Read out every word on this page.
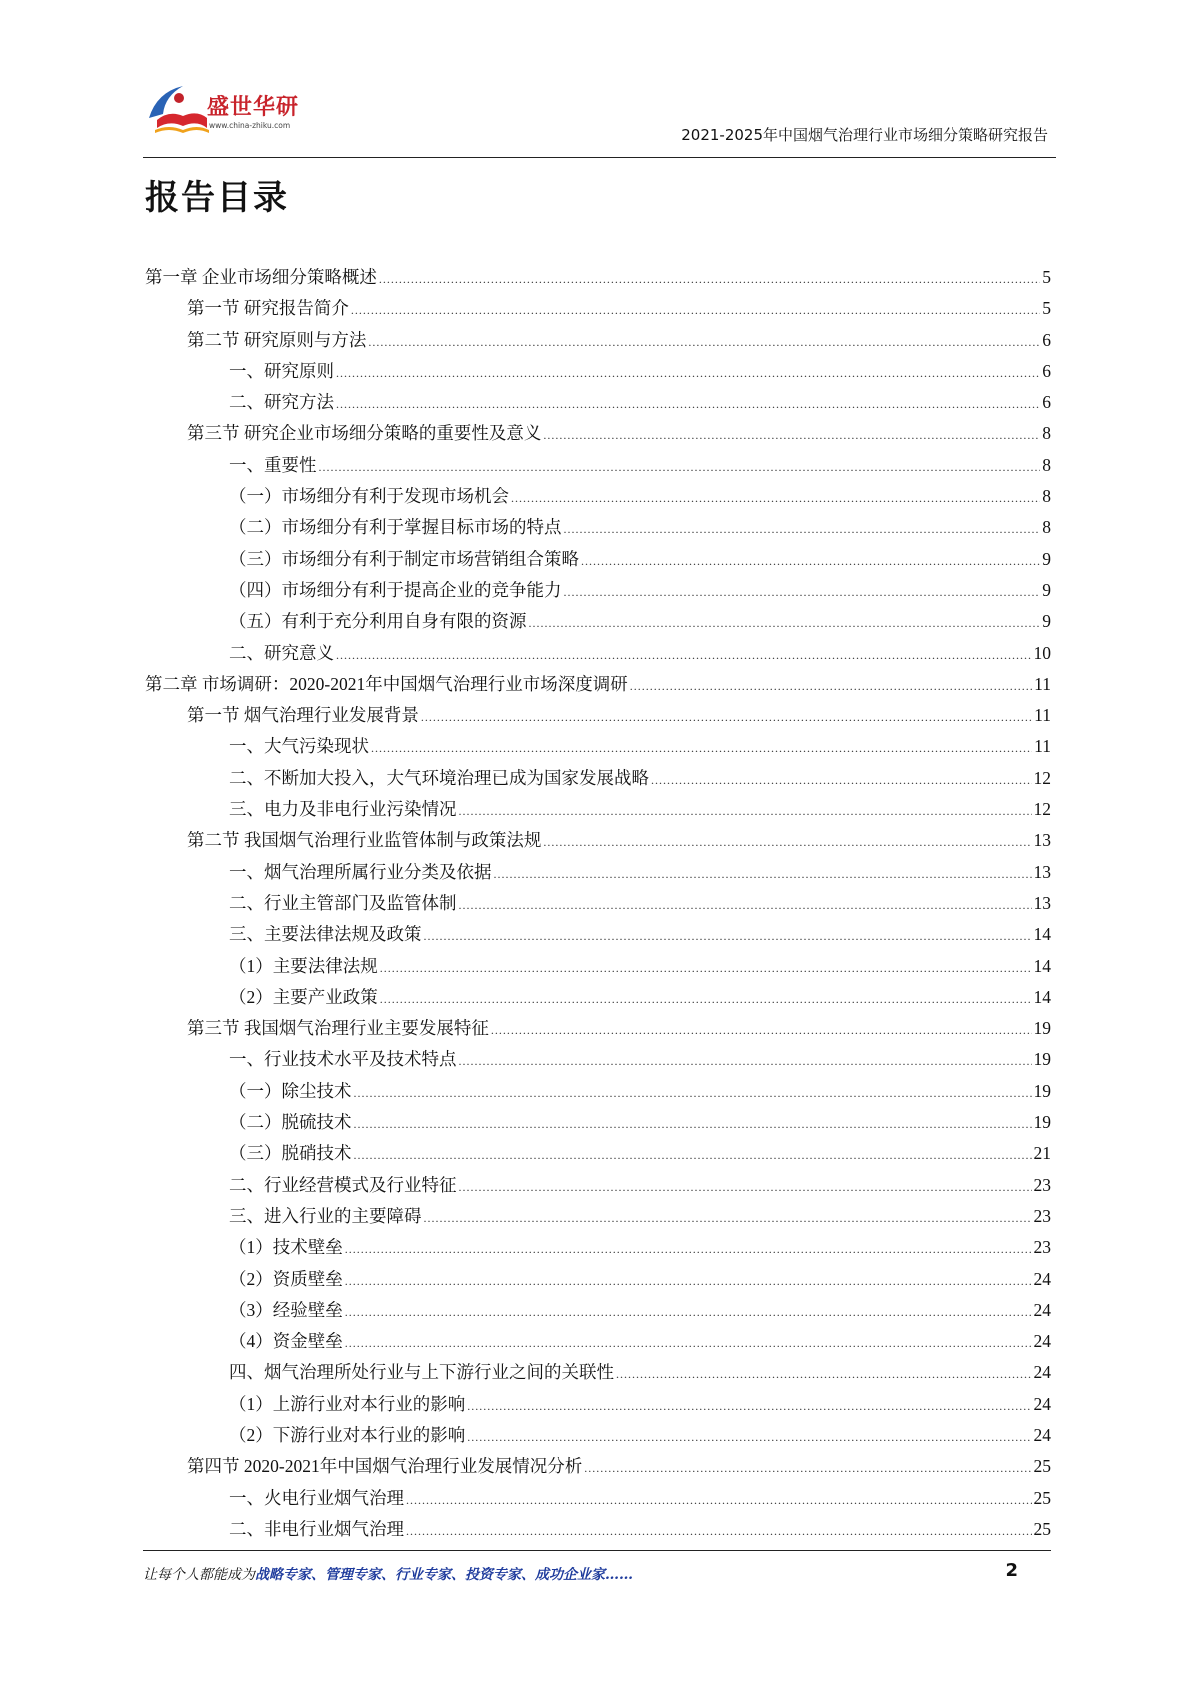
盛世华研
www.china-zhiku.com
2021-2025年中国烟气治理行业市场细分策略研究报告
报告目录
第一章 企业市场细分策略概述 .....	5
第一节 研究报告简介 .....	5
第二节 研究原则与方法 .....	6
一、研究原则 .....	6
二、研究方法 .....	6
第三节 研究企业市场细分策略的重要性及意义 .....	8
一、重要性 .....	8
（一）市场细分有利于发现市场机会 .....	8
（二）市场细分有利于掌握目标市场的特点 .....	8
（三）市场细分有利于制定市场营销组合策略 .....	9
（四）市场细分有利于提高企业的竞争能力 .....	9
（五）有利于充分利用自身有限的资源 .....	9
二、研究意义 .....	10
第二章 市场调研：2020-2021年中国烟气治理行业市场深度调研 .....	11
第一节 烟气治理行业发展背景 .....	11
一、大气污染现状 .....	11
二、不断加大投入，大气环境治理已成为国家发展战略 .....	12
三、电力及非电行业污染情况 .....	12
第二节 我国烟气治理行业监管体制与政策法规 .....	13
一、烟气治理所属行业分类及依据 .....	13
二、行业主管部门及监管体制 .....	13
三、主要法律法规及政策 .....	14
（1）主要法律法规 .....	14
（2）主要产业政策 .....	14
第三节 我国烟气治理行业主要发展特征 .....	19
一、行业技术水平及技术特点 .....	19
（一）除尘技术 .....	19
（二）脱硫技术 .....	19
（三）脱硝技术 .....	21
二、行业经营模式及行业特征 .....	23
三、进入行业的主要障碍 .....	23
（1）技术壁垒 .....	23
（2）资质壁垒 .....	24
（3）经验壁垒 .....	24
（4）资金壁垒 .....	24
四、烟气治理所处行业与上下游行业之间的关联性 .....	24
（1）上游行业对本行业的影响 .....	24
（2）下游行业对本行业的影响 .....	24
第四节 2020-2021年中国烟气治理行业发展情况分析 .....	25
一、火电行业烟气治理 .....	25
二、非电行业烟气治理 .....	25
让每个人都能成为战略专家、管理专家、行业专家、投资专家、成功企业家……	2
